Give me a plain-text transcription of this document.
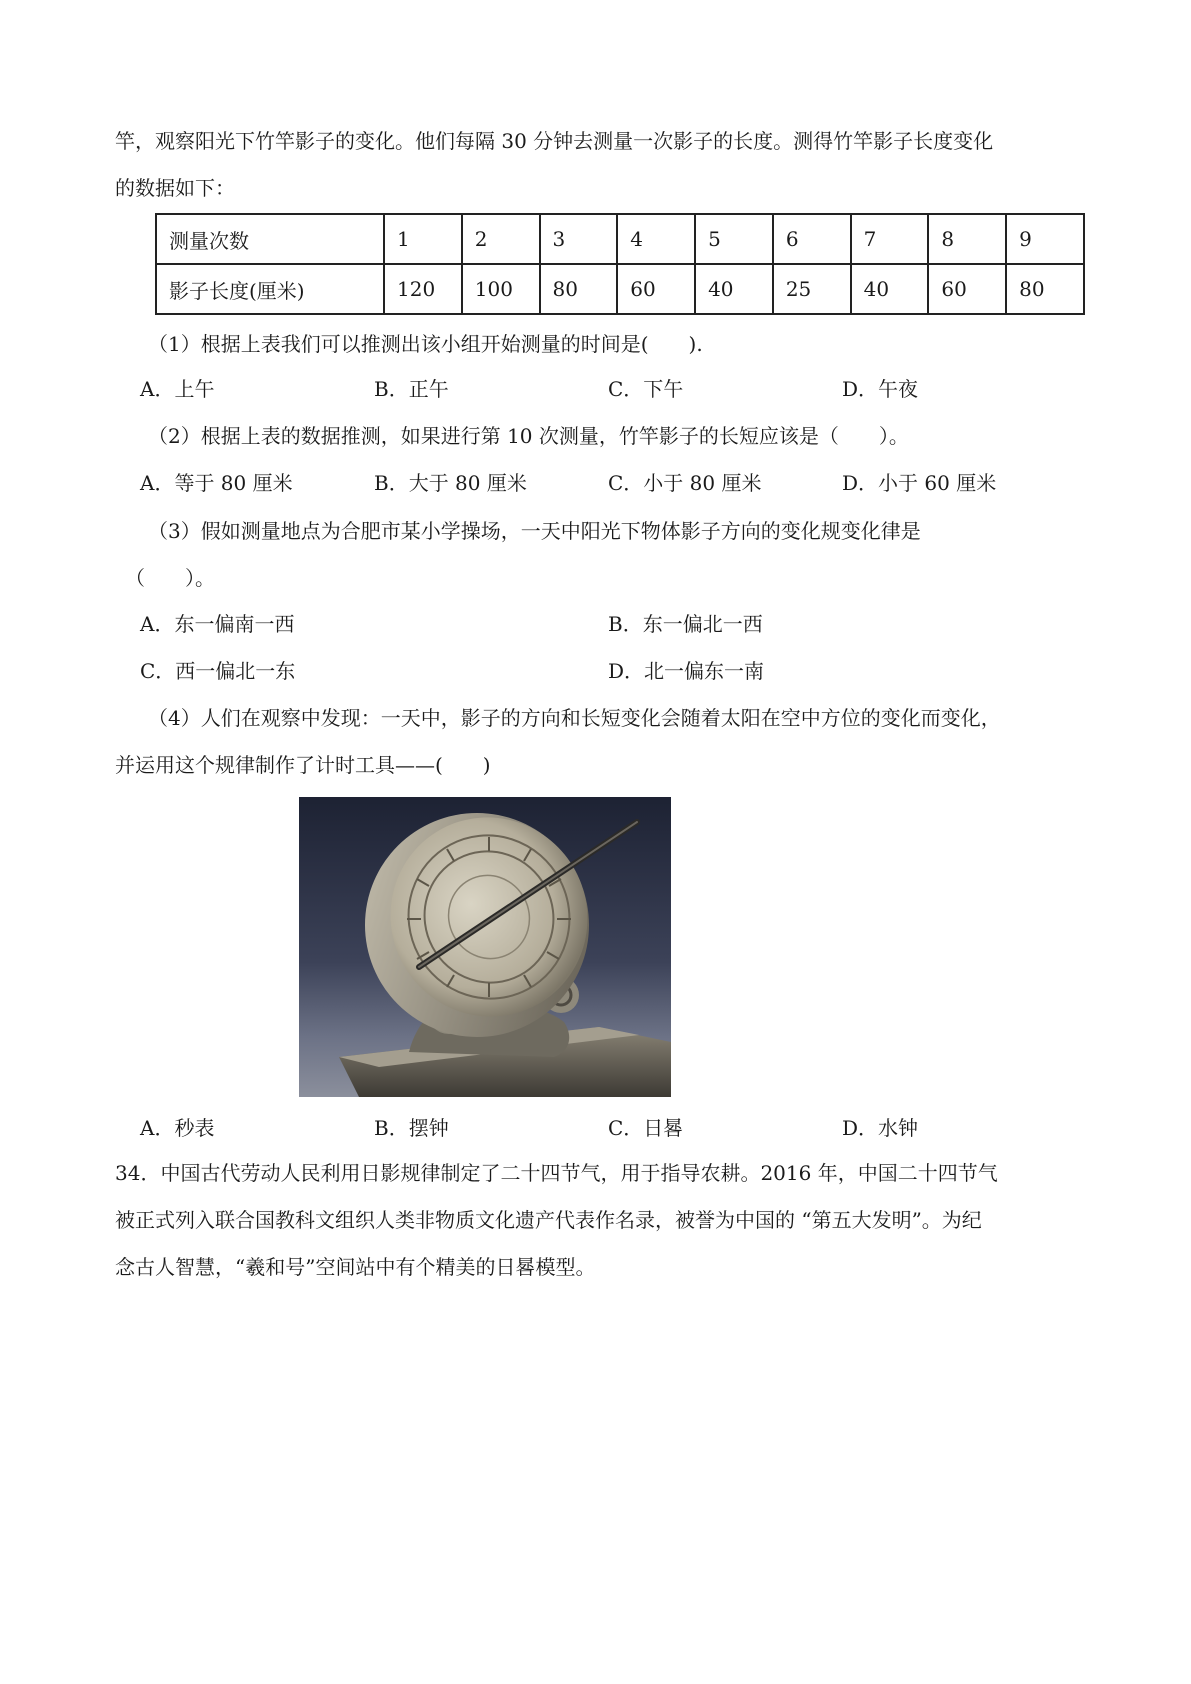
竿，观察阳光下竹竿影子的变化。他们每隔 30 分钟去测量一次影子的长度。测得竹竿影子长度变化
的数据如下：
测量次数	1	2	3	4	5	6	7	8	9
影子长度(厘米)	120	100	80	60	40	25	40	60	80
（1）根据上表我们可以推测出该小组开始测量的时间是(　　).
A．上午	B．正午	C．下午	D．午夜
（2）根据上表的数据推测，如果进行第 10 次测量，竹竿影子的长短应该是（　　）。
A．等于 80 厘米	B．大于 80 厘米	C．小于 80 厘米	D．小于 60 厘米
（3）假如测量地点为合肥市某小学操场，一天中阳光下物体影子方向的变化规变化律是
（　　）。
A．东一偏南一西	B．东一偏北一西
C．西一偏北一东	D．北一偏东一南
（4）人们在观察中发现：一天中，影子的方向和长短变化会随着太阳在空中方位的变化而变化，
并运用这个规律制作了计时工具——(　　)
A．秒表	B．摆钟	C．日晷	D．水钟
34．中国古代劳动人民利用日影规律制定了二十四节气，用于指导农耕。2016 年，中国二十四节气
被正式列入联合国教科文组织人类非物质文化遗产代表作名录，被誉为中国的 “第五大发明”。为纪
念古人智慧，“羲和号”空间站中有个精美的日晷模型。
